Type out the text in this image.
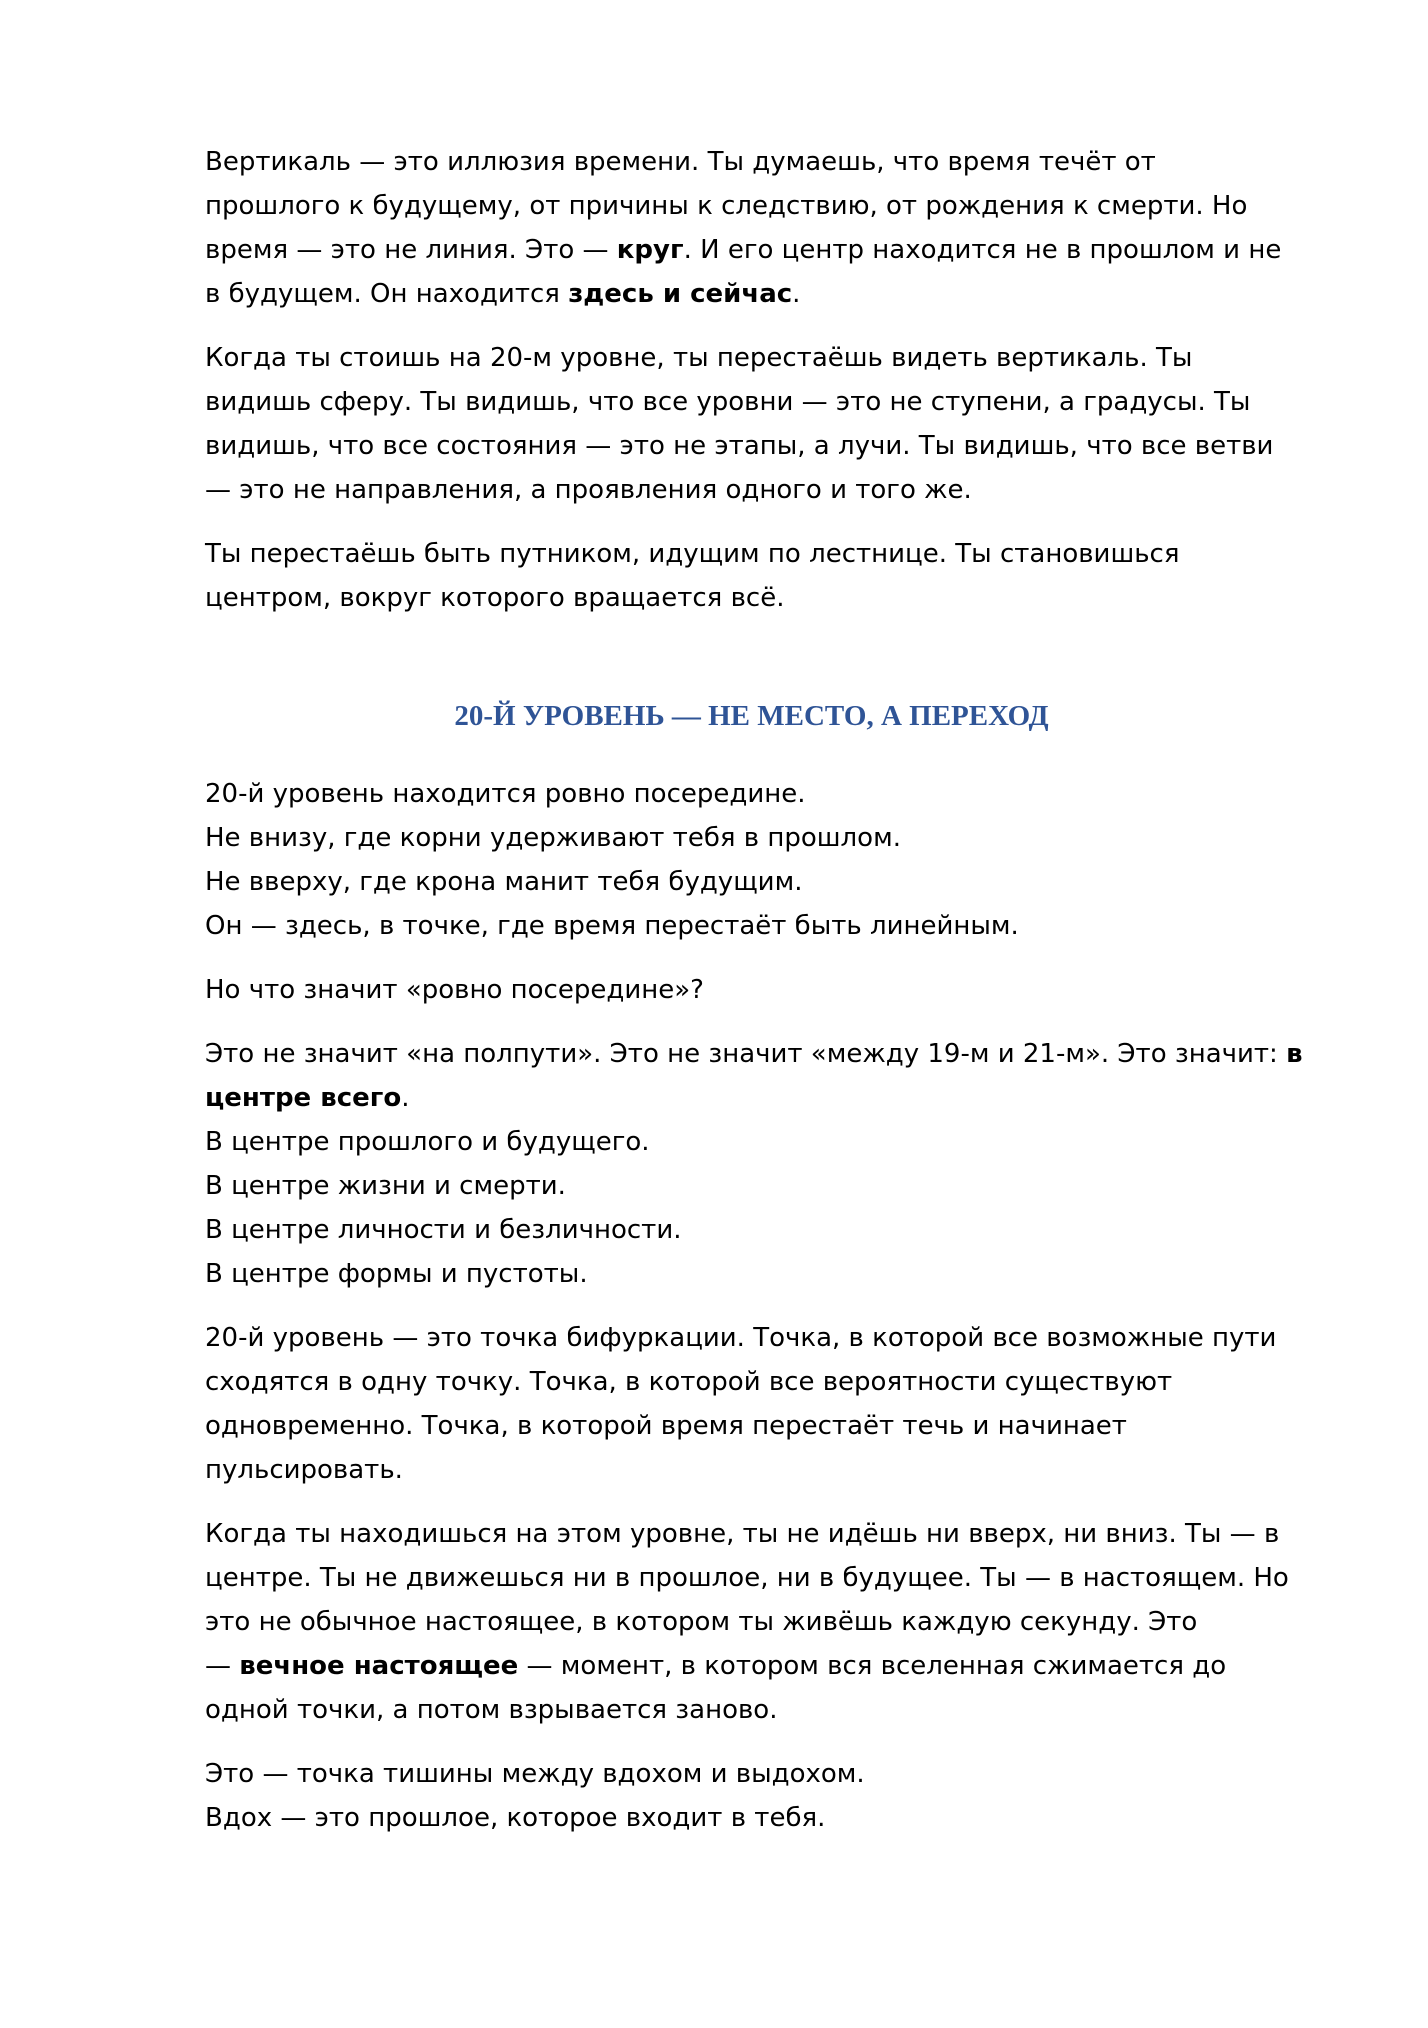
Вертикаль — это иллюзия времени. Ты думаешь, что время течёт от
прошлого к будущему, от причины к следствию, от рождения к смерти. Но
время — это не линия. Это — круг. И его центр находится не в прошлом и не
в будущем. Он находится здесь и сейчас.

Когда ты стоишь на 20-м уровне, ты перестаёшь видеть вертикаль. Ты
видишь сферу. Ты видишь, что все уровни — это не ступени, а градусы. Ты
видишь, что все состояния — это не этапы, а лучи. Ты видишь, что все ветви
— это не направления, а проявления одного и того же.

Ты перестаёшь быть путником, идущим по лестнице. Ты становишься
центром, вокруг которого вращается всё.

20-Й УРОВЕНЬ — НЕ МЕСТО, А ПЕРЕХОД

20-й уровень находится ровно посередине.
Не внизу, где корни удерживают тебя в прошлом.
Не вверху, где крона манит тебя будущим.
Он — здесь, в точке, где время перестаёт быть линейным.

Но что значит «ровно посередине»?

Это не значит «на полпути». Это не значит «между 19-м и 21-м». Это значит: в
центре всего.
В центре прошлого и будущего.
В центре жизни и смерти.
В центре личности и безличности.
В центре формы и пустоты.

20-й уровень — это точка бифуркации. Точка, в которой все возможные пути
сходятся в одну точку. Точка, в которой все вероятности существуют
одновременно. Точка, в которой время перестаёт течь и начинает
пульсировать.

Когда ты находишься на этом уровне, ты не идёшь ни вверх, ни вниз. Ты — в
центре. Ты не движешься ни в прошлое, ни в будущее. Ты — в настоящем. Но
это не обычное настоящее, в котором ты живёшь каждую секунду. Это
— вечное настоящее — момент, в котором вся вселенная сжимается до
одной точки, а потом взрывается заново.

Это — точка тишины между вдохом и выдохом.
Вдох — это прошлое, которое входит в тебя.
